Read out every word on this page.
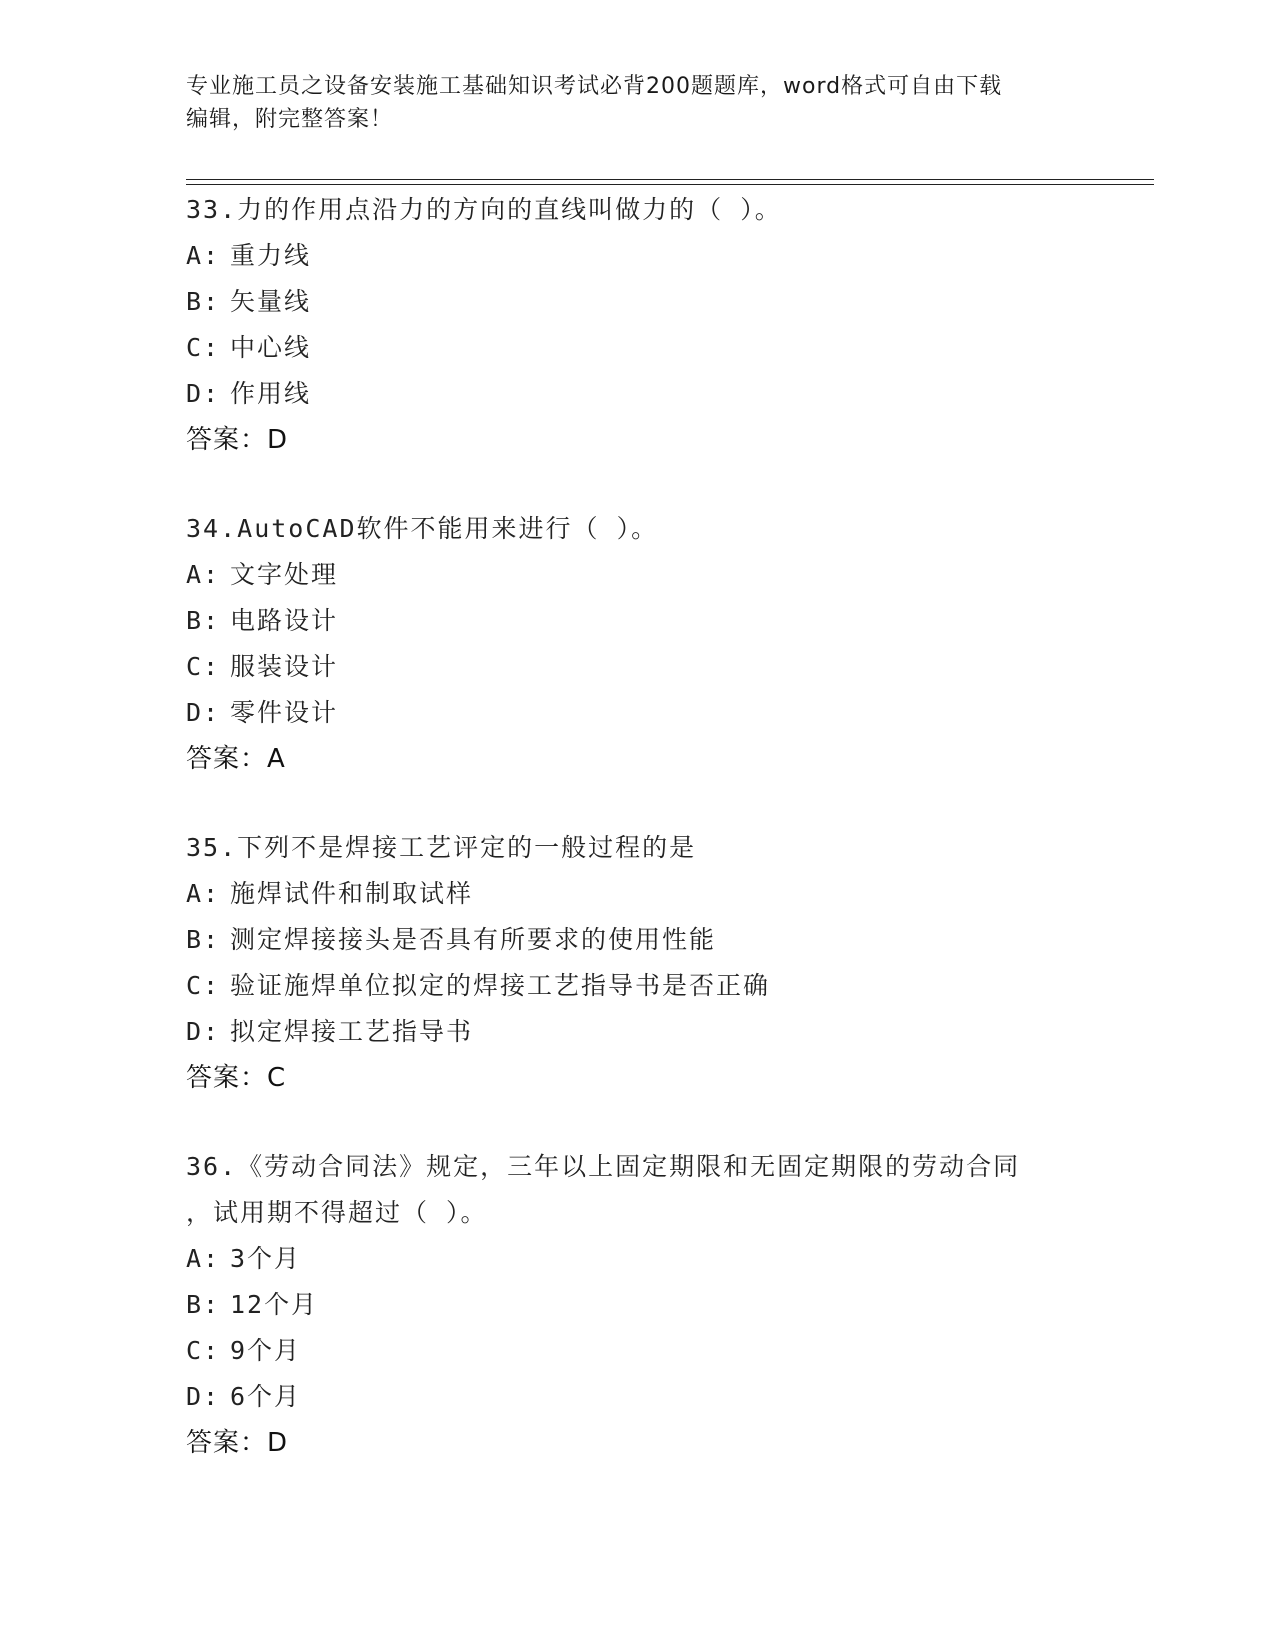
专业施工员之设备安装施工基础知识考试必背200题题库，word格式可自由下载
编辑，附完整答案！
33.力的作用点沿力的方向的直线叫做力的（ ）。
A: 重力线
B: 矢量线
C: 中心线
D: 作用线
答案：D
34.AutoCAD软件不能用来进行（ ）。
A: 文字处理
B: 电路设计
C: 服装设计
D: 零件设计
答案：A
35.下列不是焊接工艺评定的一般过程的是
A: 施焊试件和制取试样
B: 测定焊接接头是否具有所要求的使用性能
C: 验证施焊单位拟定的焊接工艺指导书是否正确
D: 拟定焊接工艺指导书
答案：C
36.《劳动合同法》规定，三年以上固定期限和无固定期限的劳动合同
，试用期不得超过（ ）。
A: 3个月
B: 12个月
C: 9个月
D: 6个月
答案：D
